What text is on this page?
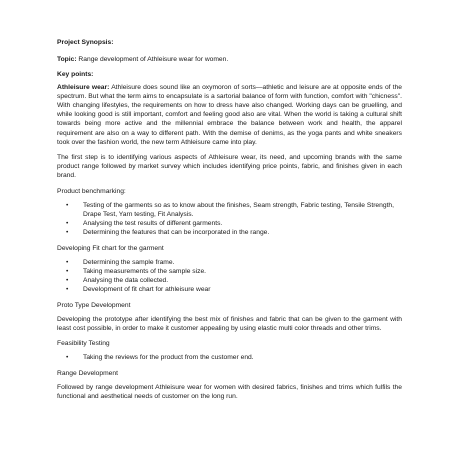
Project Synopsis:

Topic: Range development of Athleisure wear for women.

Key points:

Athleisure wear: Athleisure does sound like an oxymoron of sorts—athletic and leisure are at opposite ends of the spectrum. But what the term aims to encapsulate is a sartorial balance of form with function, comfort with "chicness". With changing lifestyles, the requirements on how to dress have also changed. Working days can be gruelling, and while looking good is still important, comfort and feeling good also are vital. When the world is taking a cultural shift towards being more active and the millennial embrace the balance between work and health, the apparel requirement are also on a way to different path. With the demise of denims, as the yoga pants and white sneakers took over the fashion world, the new term Athleisure came into play.

The first step is to identifying various aspects of Athleisure wear, its need, and upcoming brands with the same product range followed by market survey which includes identifying price points, fabric, and finishes given in each brand.

Product benchmarking:

• Testing of the garments so as to know about the finishes, Seam strength, Fabric testing, Tensile Strength, Drape Test, Yarn testing, Fit Analysis.
• Analysing the test results of different garments.
• Determining the features that can be incorporated in the range.

Developing Fit chart for the garment

• Determining the sample frame.
• Taking measurements of the sample size.
• Analysing the data collected.
• Development of fit chart for athleisure wear

Proto Type Development

Developing the prototype after identifying the best mix of finishes and fabric that can be given to the garment with least cost possible, in order to make it customer appealing by using elastic multi color threads and other trims.

Feasibility Testing

• Taking the reviews for the product from the customer end.

Range Development

Followed by range development Athleisure wear for women with desired fabrics, finishes and trims which fulfils the functional and aesthetical needs of customer on the long run.
